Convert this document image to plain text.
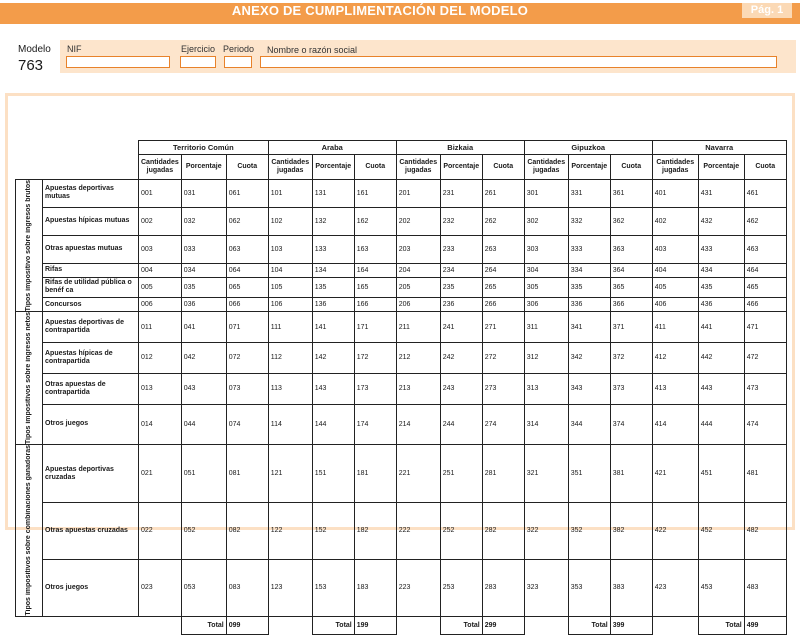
ANEXO DE CUMPLIMENTACIÓN DEL MODELO	Pág. 1
Modelo
763
NIF	Ejercicio Periodo Nombre o razón social
		Territorio Común			Araba			Bizkaia			Gipuzkoa			Navarra		
		Cantidades jugadas	Porcentaje	Cuota	Cantidades jugadas	Porcentaje	Cuota	Cantidades jugadas	Porcentaje	Cuota	Cantidades jugadas	Porcentaje	Cuota	Cantidades jugadas	Porcentaje	Cuota

Tipos impositivo sobre ingresos brutos	Apuestas deportivas mutuas	001	031	061	101	131	161	201	231	261	301	331	361	401	431	461
	Apuestas hípicas mutuas	002	032	062	102	132	162	202	232	262	302	332	362	402	432	462
	Otras apuestas mutuas	003	033	063	103	133	163	203	233	263	303	333	363	403	433	463
	Rifas	004	034	064	104	134	164	204	234	264	304	334	364	404	434	464
	Rifas de utilidad pública o benéf ca	005	035	065	105	135	165	205	235	265	305	335	365	405	435	465
	Concursos	006	036	066	106	136	166	206	236	266	306	336	366	406	436	466

Tipos impositivos sobre ingresos netos	Apuestas deportivas de contrapartida	011	041	071	111	141	171	211	241	271	311	341	371	411	441	471
	Apuestas hípicas de contrapartida	012	042	072	112	142	172	212	242	272	312	342	372	412	442	472
	Otras apuestas de contrapartida	013	043	073	113	143	173	213	243	273	313	343	373	413	443	473
	Otros juegos	014	044	074	114	144	174	214	244	274	314	344	374	414	444	474

Tipos impositivos sobre combinaciones ganadoras	Apuestas deportivas cruzadas	021	051	081	121	151	181	221	251	281	321	351	381	421	451	481
	Otras apuestas cruzadas	022	052	082	122	152	182	222	252	282	322	352	382	422	452	482
	Otros juegos	023	053	083	123	153	183	223	253	283	323	353	383	423	453	483
			Total	099		Total	199		Total	299		Total	399		Total	499
